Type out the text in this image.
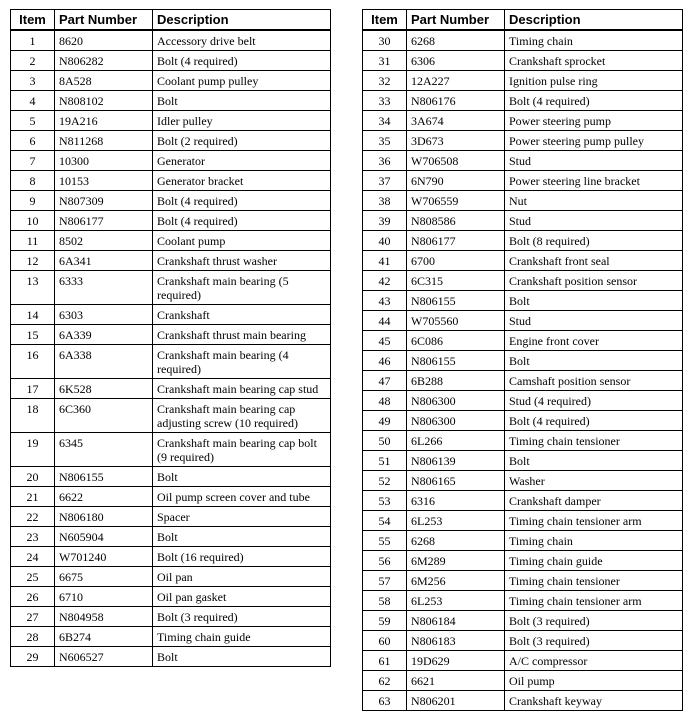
Item	Part Number	Description
1	8620	Accessory drive belt
2	N806282	Bolt (4 required)
3	8A528	Coolant pump pulley
4	N808102	Bolt
5	19A216	Idler pulley
6	N811268	Bolt (2 required)
7	10300	Generator
8	10153	Generator bracket
9	N807309	Bolt (4 required)
10	N806177	Bolt (4 required)
11	8502	Coolant pump
12	6A341	Crankshaft thrust washer
13	6333	Crankshaft main bearing (5 required)
14	6303	Crankshaft
15	6A339	Crankshaft thrust main bearing
16	6A338	Crankshaft main bearing (4 required)
17	6K528	Crankshaft main bearing cap stud
18	6C360	Crankshaft main bearing cap adjusting screw (10 required)
19	6345	Crankshaft main bearing cap bolt (9 required)
20	N806155	Bolt
21	6622	Oil pump screen cover and tube
22	N806180	Spacer
23	N605904	Bolt
24	W701240	Bolt (16 required)
25	6675	Oil pan
26	6710	Oil pan gasket
27	N804958	Bolt (3 required)
28	6B274	Timing chain guide
29	N606527	Bolt
Item	Part Number	Description
30	6268	Timing chain
31	6306	Crankshaft sprocket
32	12A227	Ignition pulse ring
33	N806176	Bolt (4 required)
34	3A674	Power steering pump
35	3D673	Power steering pump pulley
36	W706508	Stud
37	6N790	Power steering line bracket
38	W706559	Nut
39	N808586	Stud
40	N806177	Bolt (8 required)
41	6700	Crankshaft front seal
42	6C315	Crankshaft position sensor
43	N806155	Bolt
44	W705560	Stud
45	6C086	Engine front cover
46	N806155	Bolt
47	6B288	Camshaft position sensor
48	N806300	Stud (4 required)
49	N806300	Bolt (4 required)
50	6L266	Timing chain tensioner
51	N806139	Bolt
52	N806165	Washer
53	6316	Crankshaft damper
54	6L253	Timing chain tensioner arm
55	6268	Timing chain
56	6M289	Timing chain guide
57	6M256	Timing chain tensioner
58	6L253	Timing chain tensioner arm
59	N806184	Bolt (3 required)
60	N806183	Bolt (3 required)
61	19D629	A/C compressor
62	6621	Oil pump
63	N806201	Crankshaft keyway
